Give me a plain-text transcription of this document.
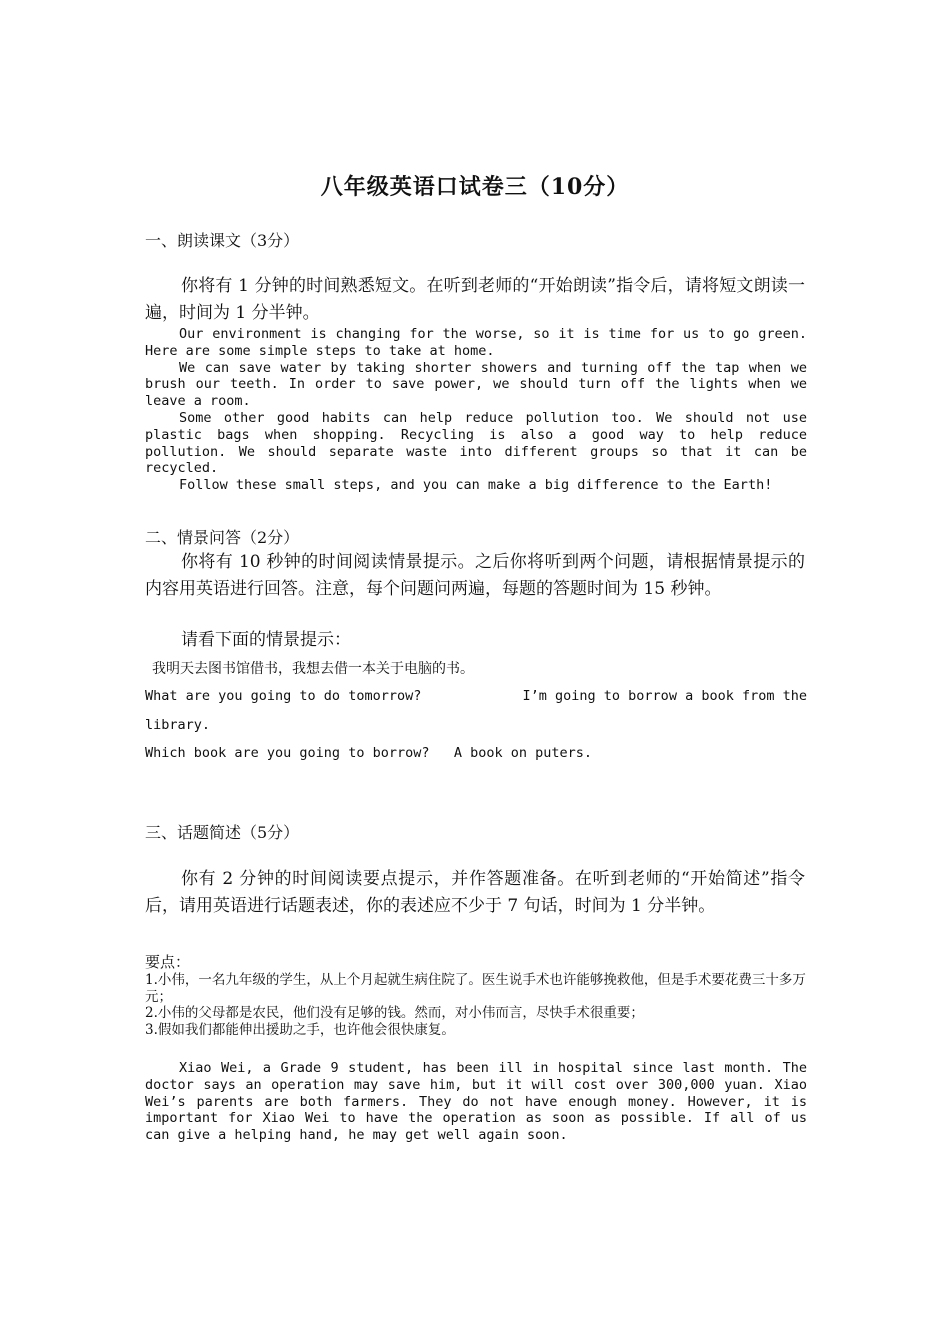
八年级英语口试卷三（10分）
一、朗读课文（3分）
你将有 1 分钟的时间熟悉短文。在听到老师的“开始朗读”指令后，请将短文朗读一遍，时间为 1 分半钟。

Our environment is changing for the worse, so it is time for us to go green. Here are some simple steps to take at home.

We can save water by taking shorter showers and turning off the tap when we brush our teeth. In order to save power, we should turn off the lights when we leave a room.

Some other good habits can help reduce pollution too. We should not use plastic bags when shopping. Recycling is also a good way to help reduce pollution. We should separate waste into different groups so that it can be recycled.

Follow these small steps, and you can make a big difference to the Earth!

二、情景问答（2分）
你将有 10 秒钟的时间阅读情景提示。之后你将听到两个问题，请根据情景提示的内容用英语进行回答。注意，每个问题问两遍，每题的答题时间为 15 秒钟。
请看下面的情景提示：
我明天去图书馆借书，我想去借一本关于电脑的书。
What are you going to do tomorrow?	I’m going to borrow a book from the
library.
Which book are you going to borrow? A book on puters.
三、话题简述（5分）
你有 2 分钟的时间阅读要点提示，并作答题准备。在听到老师的“开始简述”指令后，请用英语进行话题表述，你的表述应不少于 7 句话，时间为 1 分半钟。
要点：
1.小伟，一名九年级的学生，从上个月起就生病住院了。医生说手术也许能够挽救他，但是手术要花费三十多万元；
2.小伟的父母都是农民，他们没有足够的钱。然而，对小伟而言，尽快手术很重要；
3.假如我们都能伸出援助之手，也许他会很快康复。

Xiao Wei, a Grade 9 student, has been ill in hospital since last month. The doctor says an operation may save him, but it will cost over 300,000 yuan. Xiao Wei’s parents are both farmers. They do not have enough money. However, it is important for Xiao Wei to have the operation as soon as possible. If all of us can give a helping hand, he may get well again soon.
